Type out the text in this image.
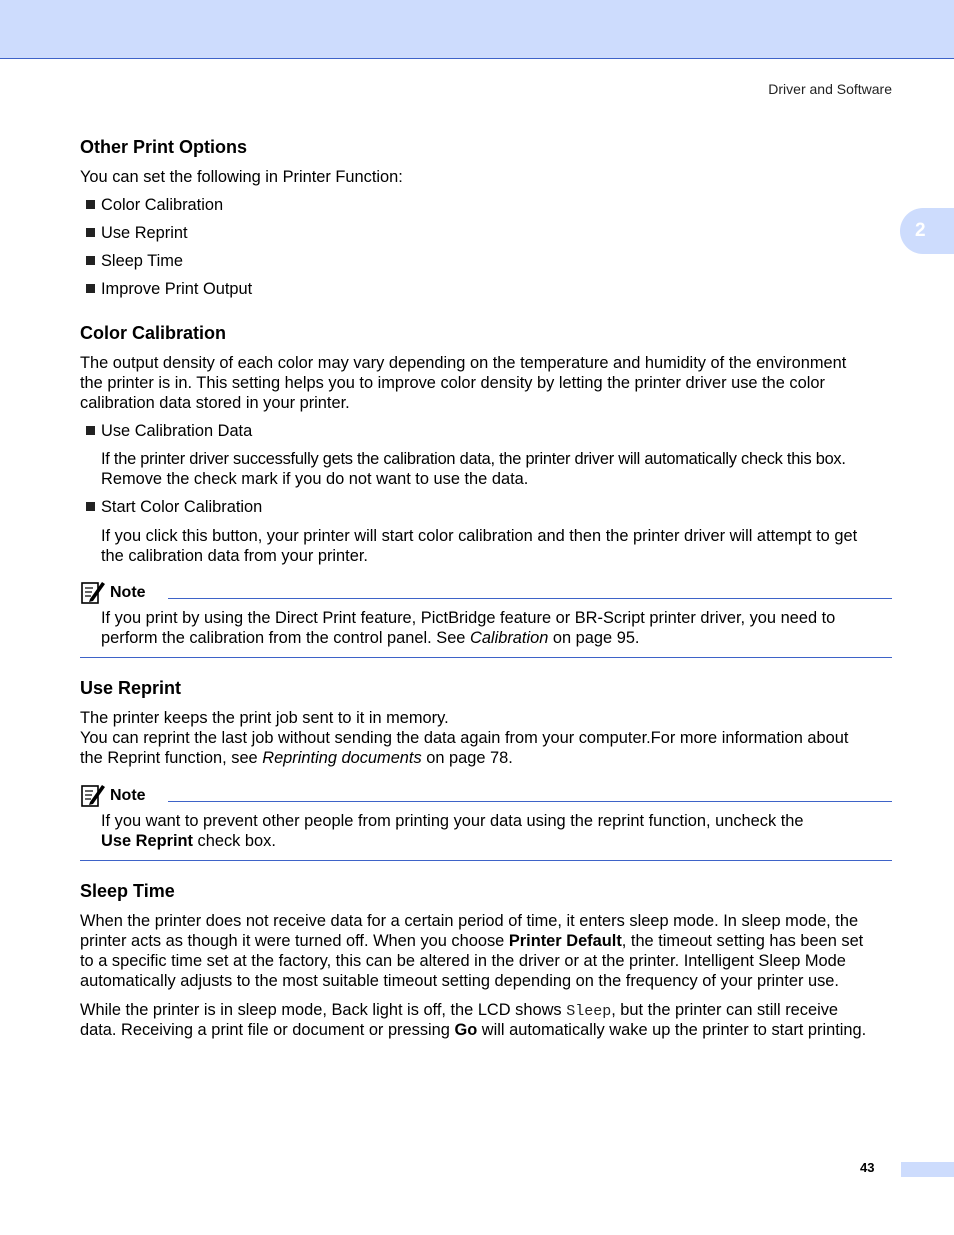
Driver and Software
2
Other Print Options
You can set the following in Printer Function:
Color Calibration
Use Reprint
Sleep Time
Improve Print Output
Color Calibration
The output density of each color may vary depending on the temperature and humidity of the environment
the printer is in. This setting helps you to improve color density by letting the printer driver use the color
calibration data stored in your printer.
Use Calibration Data
If the printer driver successfully gets the calibration data, the printer driver will automatically check this box.
Remove the check mark if you do not want to use the data.
Start Color Calibration
If you click this button, your printer will start color calibration and then the printer driver will attempt to get
the calibration data from your printer.
Note
If you print by using the Direct Print feature, PictBridge feature or BR-Script printer driver, you need to
perform the calibration from the control panel. See Calibration on page 95.
Use Reprint
The printer keeps the print job sent to it in memory.
You can reprint the last job without sending the data again from your computer.For more information about
the Reprint function, see Reprinting documents on page 78.
Note
If you want to prevent other people from printing your data using the reprint function, uncheck the
Use Reprint check box.
Sleep Time
When the printer does not receive data for a certain period of time, it enters sleep mode. In sleep mode, the
printer acts as though it were turned off. When you choose Printer Default, the timeout setting has been set
to a specific time set at the factory, this can be altered in the driver or at the printer. Intelligent Sleep Mode
automatically adjusts to the most suitable timeout setting depending on the frequency of your printer use.
While the printer is in sleep mode, Back light is off, the LCD shows Sleep, but the printer can still receive
data. Receiving a print file or document or pressing Go will automatically wake up the printer to start printing.
43
